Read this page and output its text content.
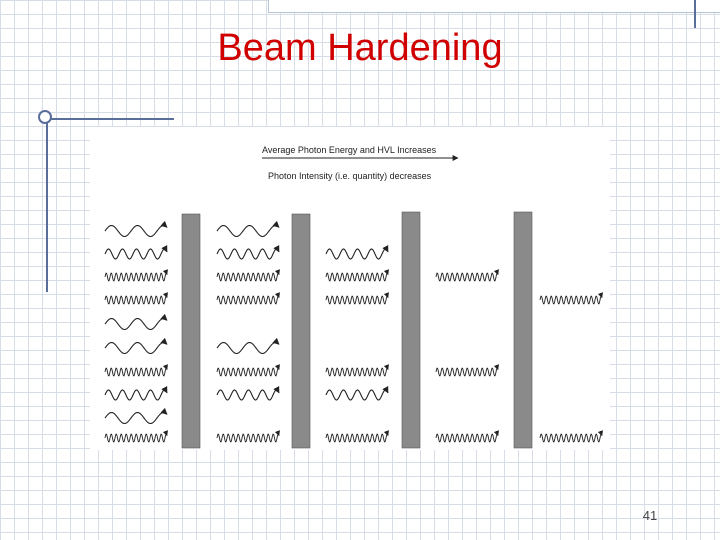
Beam Hardening
Average Photon Energy and HVL Increases
Photon Intensity (i.e. quantity) decreases
41
